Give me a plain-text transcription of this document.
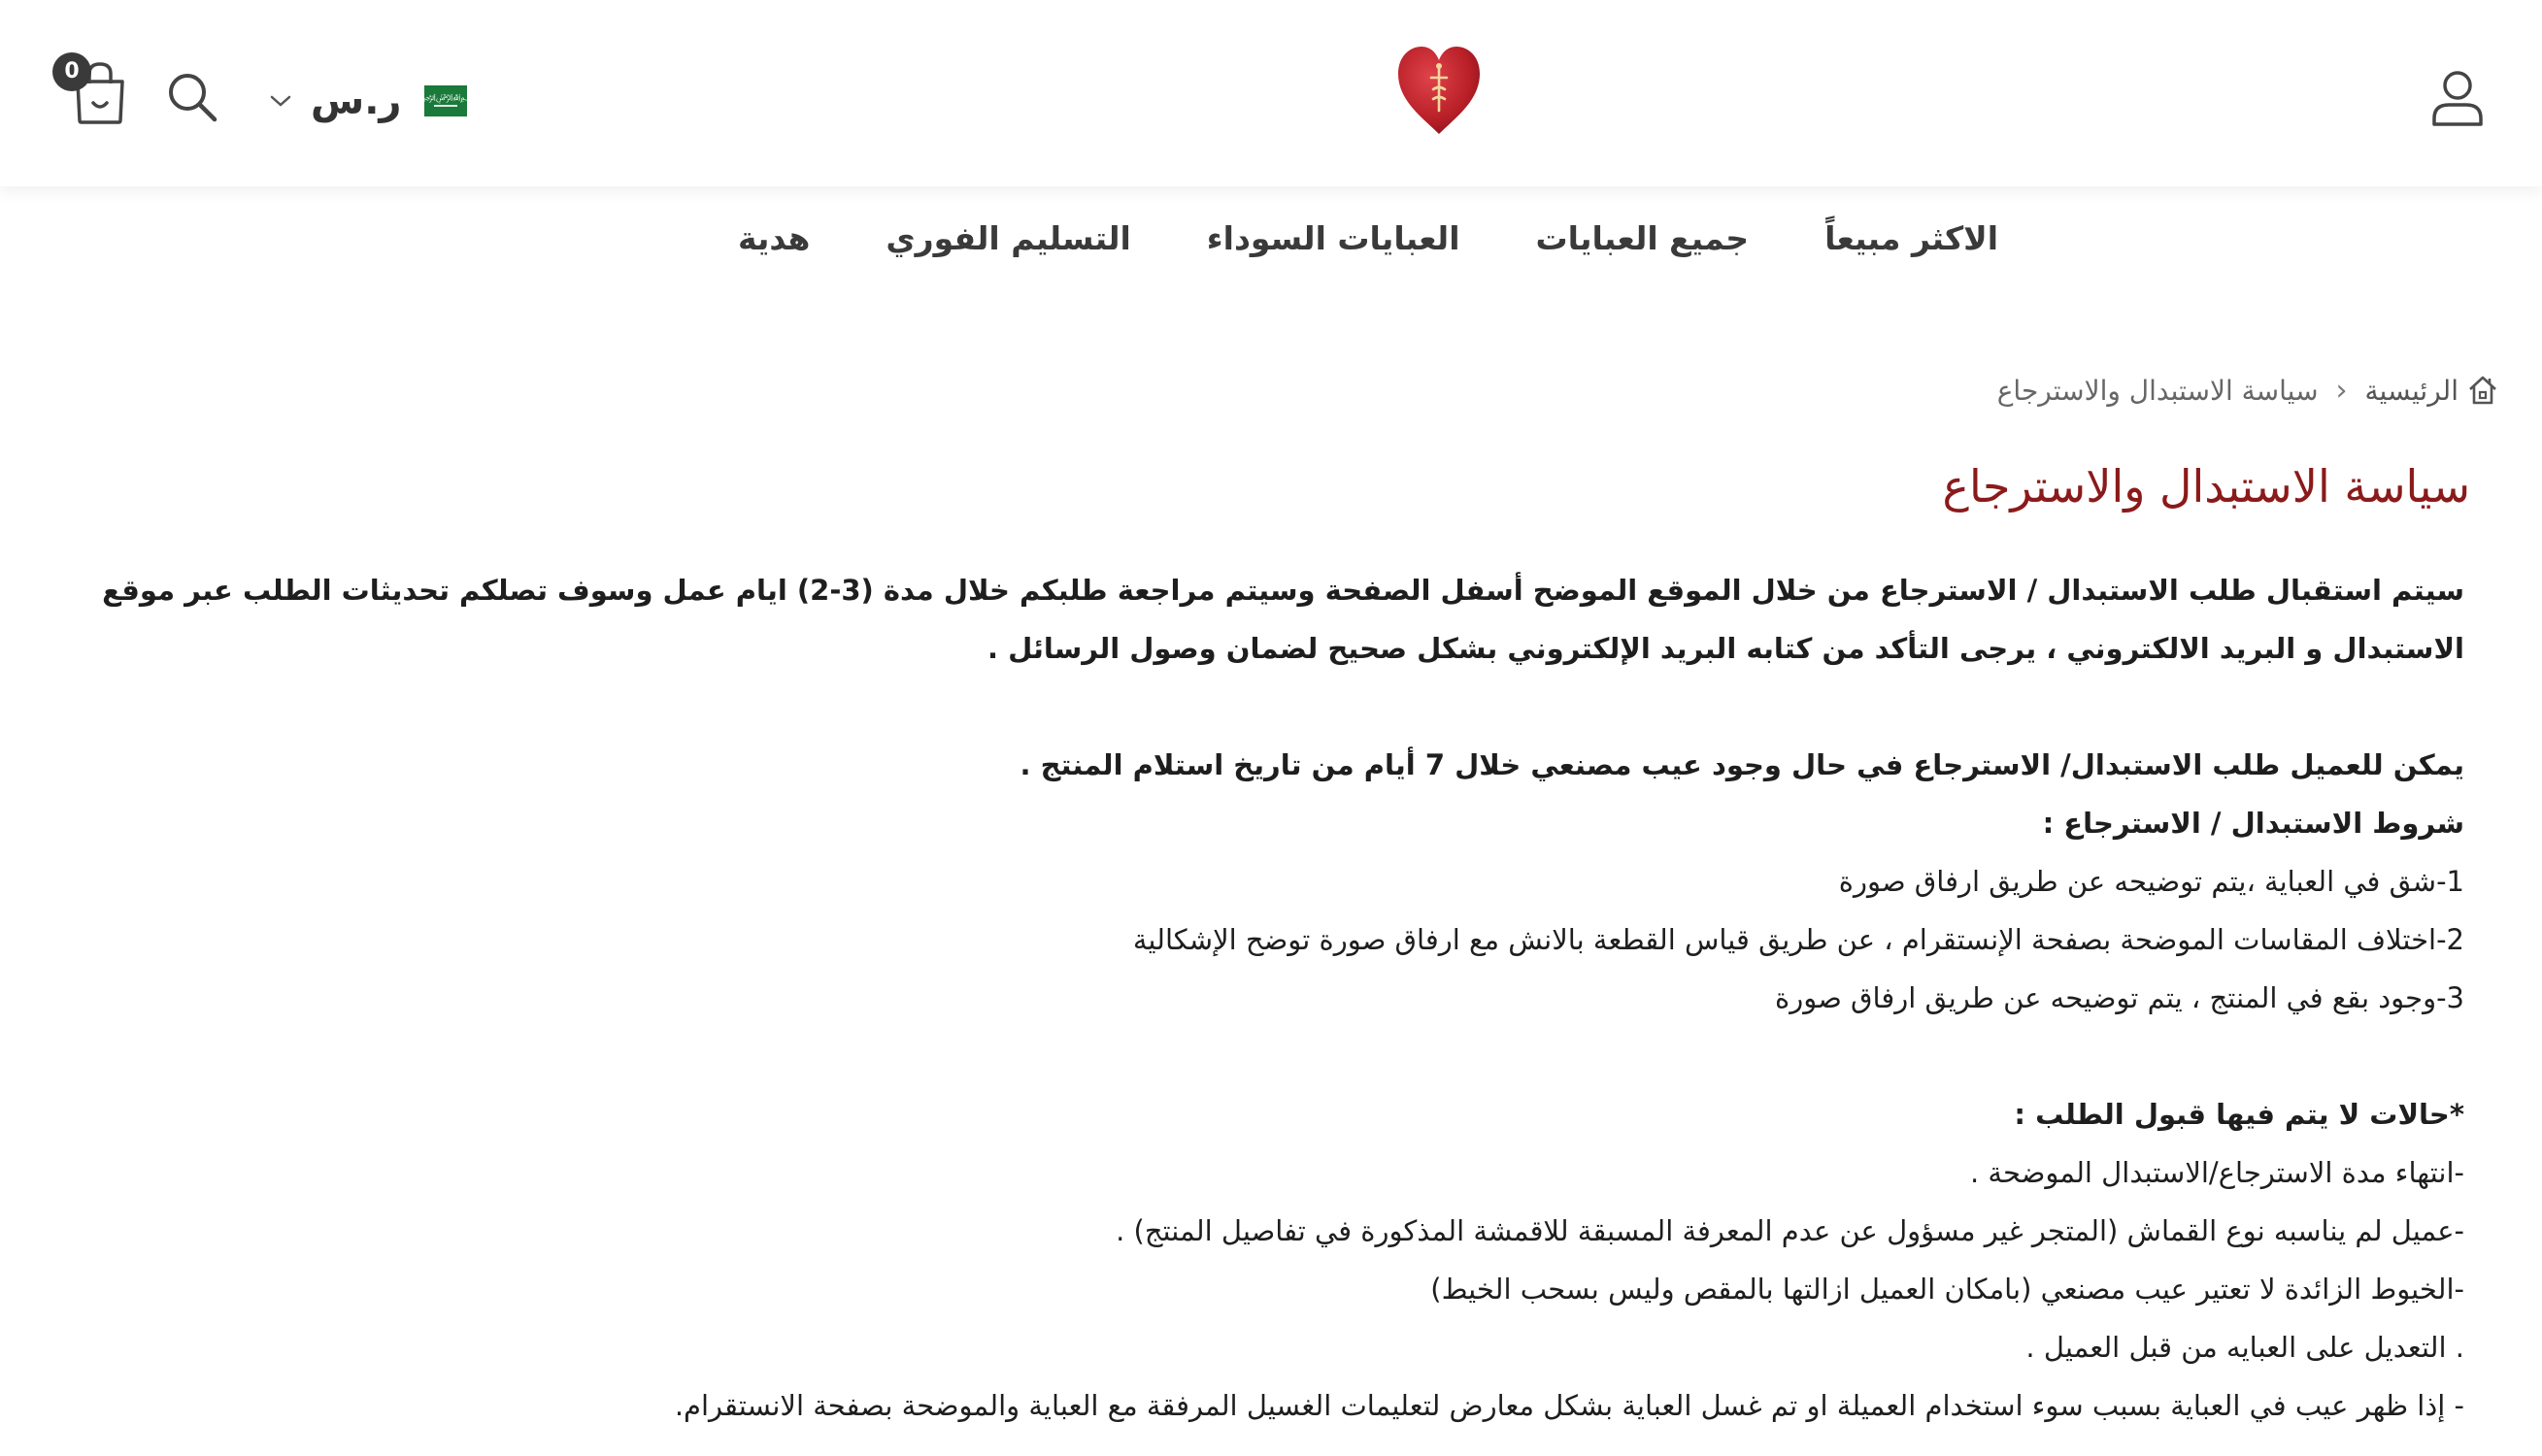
0
ر.س ﷽
الاكثر مبيعاً
جميع العبايات
العبايات السوداء
التسليم الفوري
هدية
الرئيسية
‹
سياسة الاستبدال والاسترجاع
سياسة الاستبدال والاسترجاع

سيتم استقبال طلب الاستبدال / الاسترجاع من خلال الموقع الموضح أسفل الصفحة وسيتم مراجعة طلبكم خلال مدة (3-2) ايام عمل وسوف تصلكم تحديثات الطلب عبر موقع الاستبدال و البريد الالكتروني ، يرجى التأكد من كتابه البريد الإلكتروني بشكل صحيح لضمان وصول الرسائل .

يمكن للعميل طلب الاستبدال/ الاسترجاع في حال وجود عيب مصنعي خلال 7 أيام من تاريخ استلام المنتج .

شروط الاستبدال / الاسترجاع :

1-شق في العباية ،يتم توضيحه عن طريق ارفاق صورة

2-اختلاف المقاسات الموضحة بصفحة الإنستقرام ، عن طريق قياس القطعة بالانش مع ارفاق صورة توضح الإشكالية

3-وجود بقع في المنتج ، يتم توضيحه عن طريق ارفاق صورة

*حالات لا يتم فيها قبول الطلب :

-انتهاء مدة الاسترجاع/الاستبدال الموضحة .

-عميل لم يناسبه نوع القماش (المتجر غير مسؤول عن عدم المعرفة المسبقة للاقمشة المذكورة في تفاصيل المنتج) .

-الخيوط الزائدة لا تعتير عيب مصنعي (بامكان العميل ازالتها بالمقص وليس بسحب الخيط)

. التعديل على العبايه من قبل العميل .

- إذا ظهر عيب في العباية بسبب سوء استخدام العميلة او تم غسل العباية بشكل معارض لتعليمات الغسيل المرفقة مع العباية والموضحة بصفحة الانستقرام.
